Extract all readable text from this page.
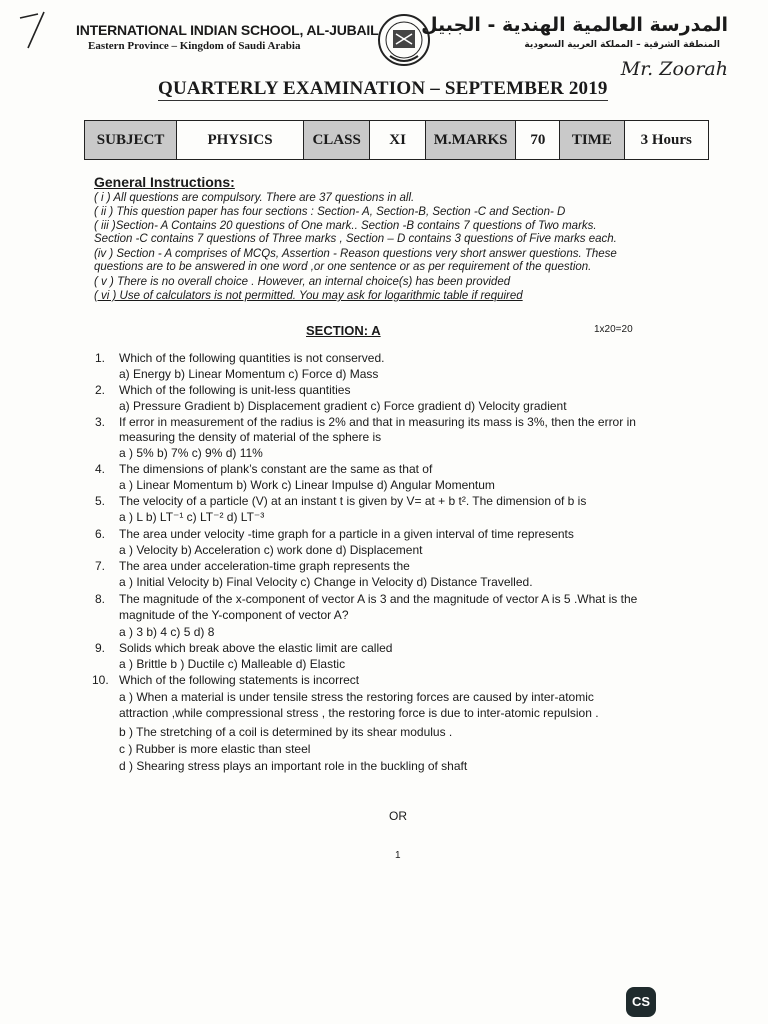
INTERNATIONAL INDIAN SCHOOL, AL-JUBAIL
Eastern Province – Kingdom of Saudi Arabia
المدرسة العالمية الهندية - الجبيل
المنطقة الشرقية – المملكة العربية السعودية
Mr. Zoorah
QUARTERLY EXAMINATION – SEPTEMBER 2019
SUBJECT	PHYSICS	CLASS	XI	M.MARKS	70	TIME	3 Hours
General Instructions:
( i ) All questions are compulsory. There are 37 questions in all.
( ii ) This question paper has four sections : Section- A, Section-B, Section -C and Section- D
( iii )Section- A Contains 20 questions of One mark.. Section -B contains 7 questions of Two marks.
Section -C contains 7 questions of Three marks , Section – D contains 3 questions of Five marks each.
(iv ) Section - A comprises of MCQs, Assertion - Reason questions very short answer questions. These
questions are to be answered in one word ,or one sentence or as per requirement of the question.
( v ) There is no overall choice . However, an internal choice(s) has been provided
( vi ) Use of calculators is not permitted. You may ask for logarithmic table if required
SECTION: A	1x20=20
1. Which of the following quantities is not conserved.
a) Energy b) Linear Momentum c) Force d) Mass
2. Which of the following is unit-less quantities
a) Pressure Gradient b) Displacement gradient c) Force gradient d) Velocity gradient
3. If error in measurement of the radius is 2% and that in measuring its mass is 3%, then the error in
measuring the density of material of the sphere is
a ) 5% b) 7% c) 9% d) 11%
4. The dimensions of plank’s constant are the same as that of
a ) Linear Momentum b) Work c) Linear Impulse d) Angular Momentum
5. The velocity of a particle (V) at an instant t is given by V= at + b t². The dimension of b is
a ) L b) LT⁻¹ c) LT⁻² d) LT⁻³
6. The area under velocity -time graph for a particle in a given interval of time represents
a ) Velocity b) Acceleration c) work done d) Displacement
7. The area under acceleration-time graph represents the
a ) Initial Velocity b) Final Velocity c) Change in Velocity d) Distance Travelled.
8. The magnitude of the x-component of vector A is 3 and the magnitude of vector A is 5 .What is the
magnitude of the Y-component of vector A?
a ) 3 b) 4 c) 5 d) 8
9. Solids which break above the elastic limit are called
a ) Brittle b ) Ductile c) Malleable d) Elastic
10. Which of the following statements is incorrect
a ) When a material is under tensile stress the restoring forces are caused by inter-atomic
attraction ,while compressional stress , the restoring force is due to inter-atomic repulsion .
b ) The stretching of a coil is determined by its shear modulus .
c ) Rubber is more elastic than steel
d ) Shearing stress plays an important role in the buckling of shaft
OR
1
CS
